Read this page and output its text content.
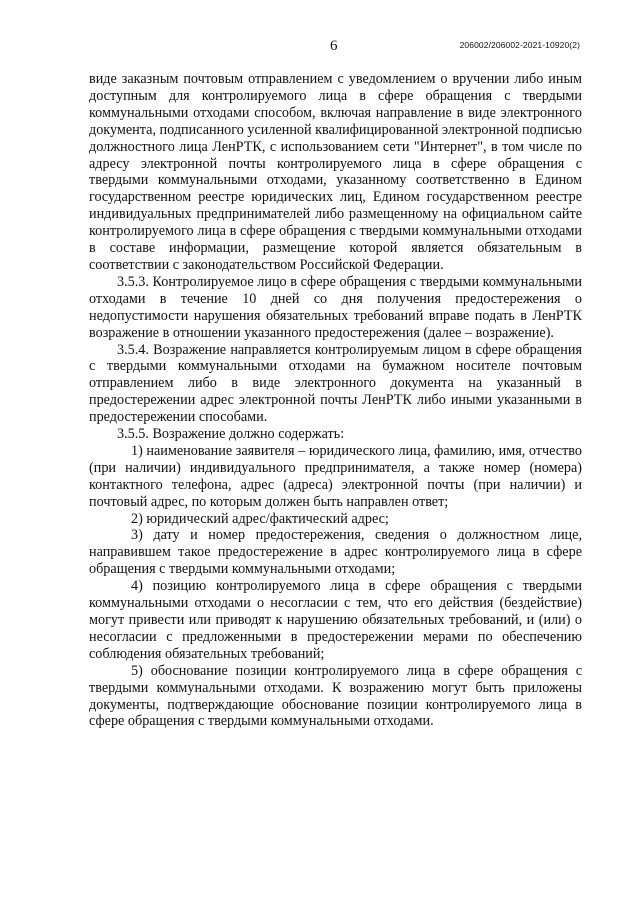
6	206002/206002-2021-10920(2)

виде заказным почтовым отправлением с уведомлением о вручении либо иным доступным для контролируемого лица в сфере обращения с твердыми коммунальными отходами способом, включая направление в виде электронного документа, подписанного усиленной квалифицированной электронной подписью должностного лица ЛенРТК, с использованием сети "Интернет", в том числе по адресу электронной почты контролируемого лица в сфере обращения с твердыми коммунальными отходами, указанному соответственно в Едином государственном реестре юридических лиц, Едином государственном реестре индивидуальных предпринимателей либо размещенному на официальном сайте контролируемого лица в сфере обращения с твердыми коммунальными отходами в составе информации, размещение которой является обязательным в соответствии с законодательством Российской Федерации.

3.5.3. Контролируемое лицо в сфере обращения с твердыми коммунальными отходами в течение 10 дней со дня получения предостережения о недопустимости нарушения обязательных требований вправе подать в ЛенРТК возражение в отношении указанного предостережения (далее – возражение).

3.5.4. Возражение направляется контролируемым лицом в сфере обращения с твердыми коммунальными отходами на бумажном носителе почтовым отправлением либо в виде электронного документа на указанный в предостережении адрес электронной почты ЛенРТК либо иными указанными в предостережении способами.

3.5.5. Возражение должно содержать:

1) наименование заявителя – юридического лица, фамилию, имя, отчество (при наличии) индивидуального предпринимателя, а также номер (номера) контактного телефона, адрес (адреса) электронной почты (при наличии) и почтовый адрес, по которым должен быть направлен ответ;

2) юридический адрес/фактический адрес;

3) дату и номер предостережения, сведения о должностном лице, направившем такое предостережение в адрес контролируемого лица в сфере обращения с твердыми коммунальными отходами;

4) позицию контролируемого лица в сфере обращения с твердыми коммунальными отходами о несогласии с тем, что его действия (бездействие) могут привести или приводят к нарушению обязательных требований, и (или) о несогласии с предложенными в предостережении мерами по обеспечению соблюдения обязательных требований;

5) обоснование позиции контролируемого лица в сфере обращения с твердыми коммунальными отходами. К возражению могут быть приложены документы, подтверждающие обоснование позиции контролируемого лица в сфере обращения с твердыми коммунальными отходами.
